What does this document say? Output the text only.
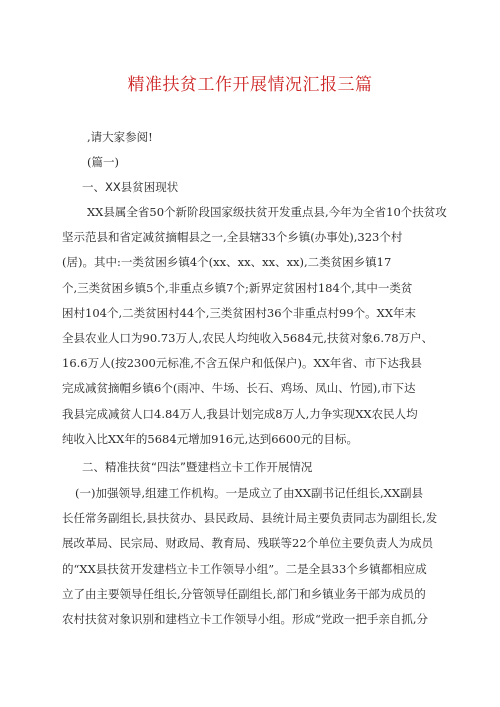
精准扶贫工作开展情况汇报三篇
,请大家参阅!
(篇一)
一、XX县贫困现状
XX县属全省50个新阶段国家级扶贫开发重点县,今年为全省10个扶贫攻
坚示范县和省定减贫摘帽县之一,全县辖33个乡镇(办事处),323个村
(居)。其中:一类贫困乡镇4个(xx、xx、xx、xx),二类贫困乡镇17
个,三类贫困乡镇5个,非重点乡镇7个;新界定贫困村184个,其中一类贫
困村104个,二类贫困村44个,三类贫困村36个非重点村99个。XX年末
全县农业人口为90.73万人,农民人均纯收入5684元,扶贫对象6.78万户、
16.6万人(按2300元标准,不含五保户和低保户)。XX年省、市下达我县
完成减贫摘帽乡镇6个(雨冲、牛场、长石、鸡场、凤山、竹园),市下达
我县完成减贫人口4.84万人,我县计划完成8万人,力争实现XX农民人均
纯收入比XX年的5684元增加916元,达到6600元的目标。
二、精准扶贫“四法”暨建档立卡工作开展情况
(一)加强领导,组建工作机构。一是成立了由XX副书记任组长,XX副县
长任常务副组长,县扶贫办、县民政局、县统计局主要负责同志为副组长,发
展改革局、民宗局、财政局、教育局、残联等22个单位主要负责人为成员
的“XX县扶贫开发建档立卡工作领导小组”。二是全县33个乡镇都相应成
立了由主要领导任组长,分管领导任副组长,部门和乡镇业务干部为成员的
农村扶贫对象识别和建档立卡工作领导小组。形成“党政一把手亲自抓,分
